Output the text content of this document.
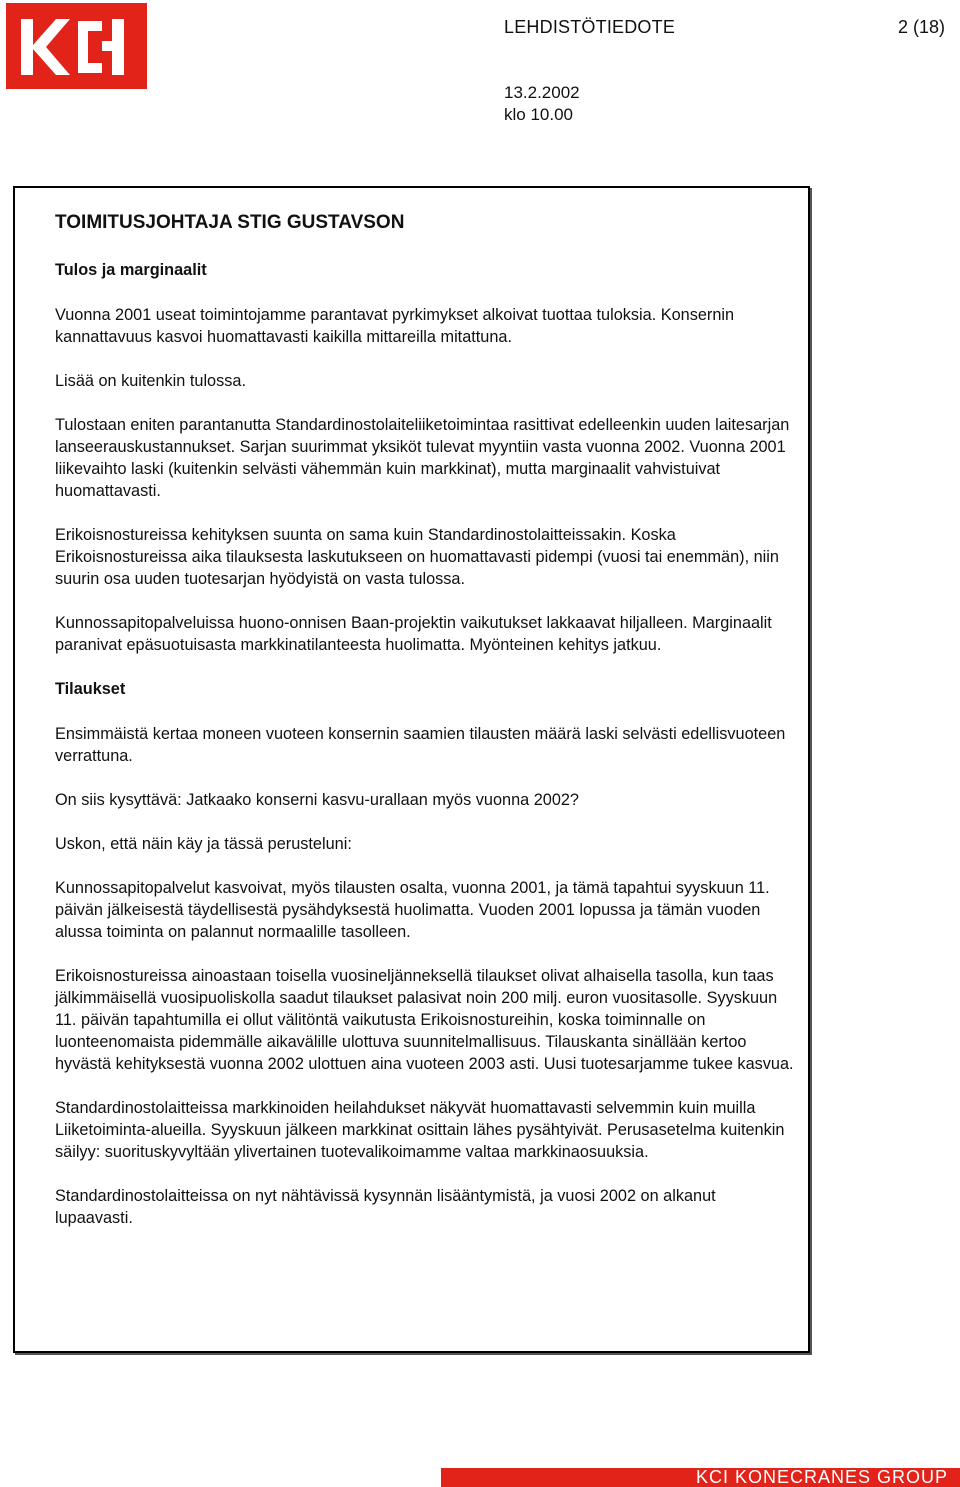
LEHDISTÖTIEDOTE	2 (18)
13.2.2002
klo 10.00
TOIMITUSJOHTAJA STIG GUSTAVSON
Tulos ja marginaalit

Vuonna 2001 useat toimintojamme parantavat pyrkimykset alkoivat tuottaa tuloksia. Konsernin kannattavuus kasvoi huomattavasti kaikilla mittareilla mitattuna.

Lisää on kuitenkin tulossa.

Tulostaan eniten parantanutta Standardinostolaiteliiketoimintaa rasittivat edelleenkin uuden laitesarjan lanseerauskustannukset. Sarjan suurimmat yksiköt tulevat myyntiin vasta vuonna 2002. Vuonna 2001 liikevaihto laski (kuitenkin selvästi vähemmän kuin markkinat), mutta marginaalit vahvistuivat huomattavasti.

Erikoisnostureissa kehityksen suunta on sama kuin Standardinostolaitteissakin. Koska Erikoisnostureissa aika tilauksesta laskutukseen on huomattavasti pidempi (vuosi tai enemmän), niin suurin osa uuden tuotesarjan hyödyistä on vasta tulossa.

Kunnossapitopalveluissa huono-onnisen Baan-projektin vaikutukset lakkaavat hiljalleen. Marginaalit paranivat epäsuotuisasta markkinatilanteesta huolimatta. Myönteinen kehitys jatkuu.

Tilaukset

Ensimmäistä kertaa moneen vuoteen konsernin saamien tilausten määrä laski selvästi edellisvuoteen verrattuna.

On siis kysyttävä: Jatkaako konserni kasvu-urallaan myös vuonna 2002?

Uskon, että näin käy ja tässä perusteluni:

Kunnossapitopalvelut kasvoivat, myös tilausten osalta, vuonna 2001, ja tämä tapahtui syyskuun 11. päivän jälkeisestä täydellisestä pysähdyksestä huolimatta. Vuoden 2001 lopussa ja tämän vuoden alussa toiminta on palannut normaalille tasolleen.

Erikoisnostureissa ainoastaan toisella vuosineljänneksellä tilaukset olivat alhaisella tasolla, kun taas jälkimmäisellä vuosipuoliskolla saadut tilaukset palasivat noin 200 milj. euron vuositasolle. Syyskuun 11. päivän tapahtumilla ei ollut välitöntä vaikutusta Erikoisnostureihin, koska toiminnalle on luonteenomaista pidemmälle aikavälille ulottuva suunnitelmallisuus. Tilauskanta sinällään kertoo hyvästä kehityksestä vuonna 2002 ulottuen aina vuoteen 2003 asti. Uusi tuotesarjamme tukee kasvua.

Standardinostolaitteissa markkinoiden heilahdukset näkyvät huomattavasti selvemmin kuin muilla Liiketoiminta-alueilla. Syyskuun jälkeen markkinat osittain lähes pysähtyivät. Perusasetelma kuitenkin säilyy: suorituskyvyltään ylivertainen tuotevalikoimamme valtaa markkinaosuuksia.

Standardinostolaitteissa on nyt nähtävissä kysynnän lisääntymistä, ja vuosi 2002 on alkanut lupaavasti.

KCI KONECRANES GROUP
